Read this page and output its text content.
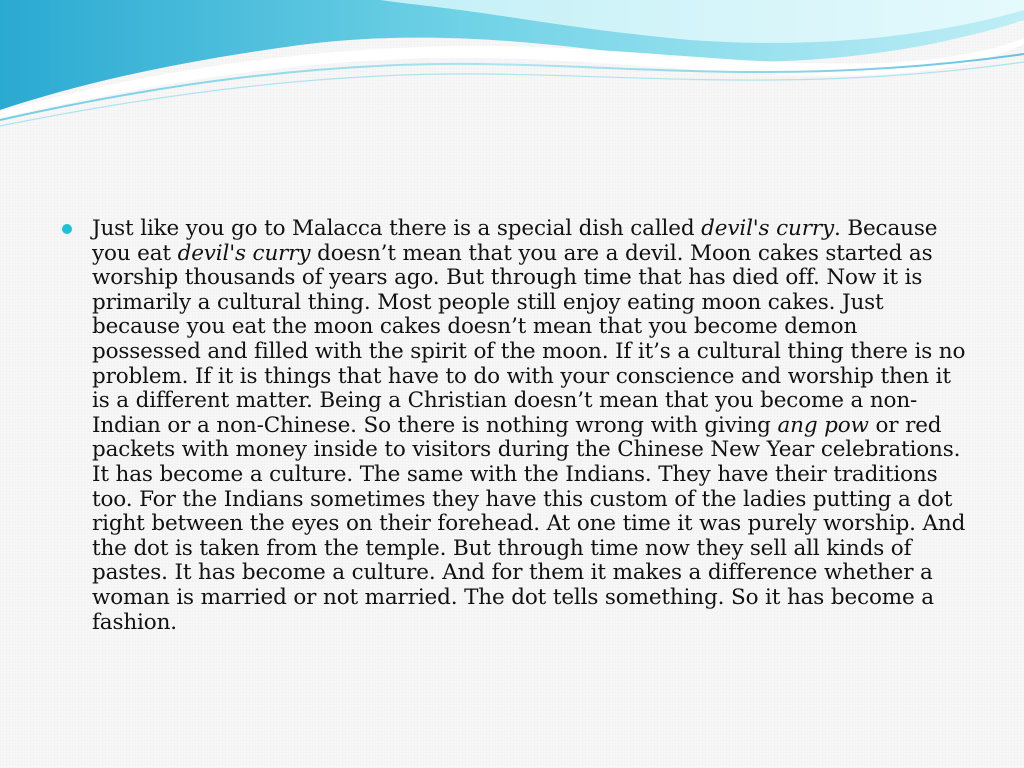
Just like you go to Malacca there is a special dish called devil's curry. Because you eat devil's curry doesn’t mean that you are a devil. Moon cakes started as worship thousands of years ago. But through time that has died off. Now it is primarily a cultural thing. Most people still enjoy eating moon cakes. Just because you eat the moon cakes doesn’t mean that you become demon possessed and filled with the spirit of the moon. If it’s a cultural thing there is no problem. If it is things that have to do with your conscience and worship then it is a different matter. Being a Christian doesn’t mean that you become a non-Indian or a non-Chinese. So there is nothing wrong with giving ang pow or red packets with money inside to visitors during the Chinese New Year celebrations. It has become a culture. The same with the Indians. They have their traditions too. For the Indians sometimes they have this custom of the ladies putting a dot right between the eyes on their forehead. At one time it was purely worship. And the dot is taken from the temple. But through time now they sell all kinds of pastes. It has become a culture. And for them it makes a difference whether a woman is married or not married. The dot tells something. So it has become a fashion.
